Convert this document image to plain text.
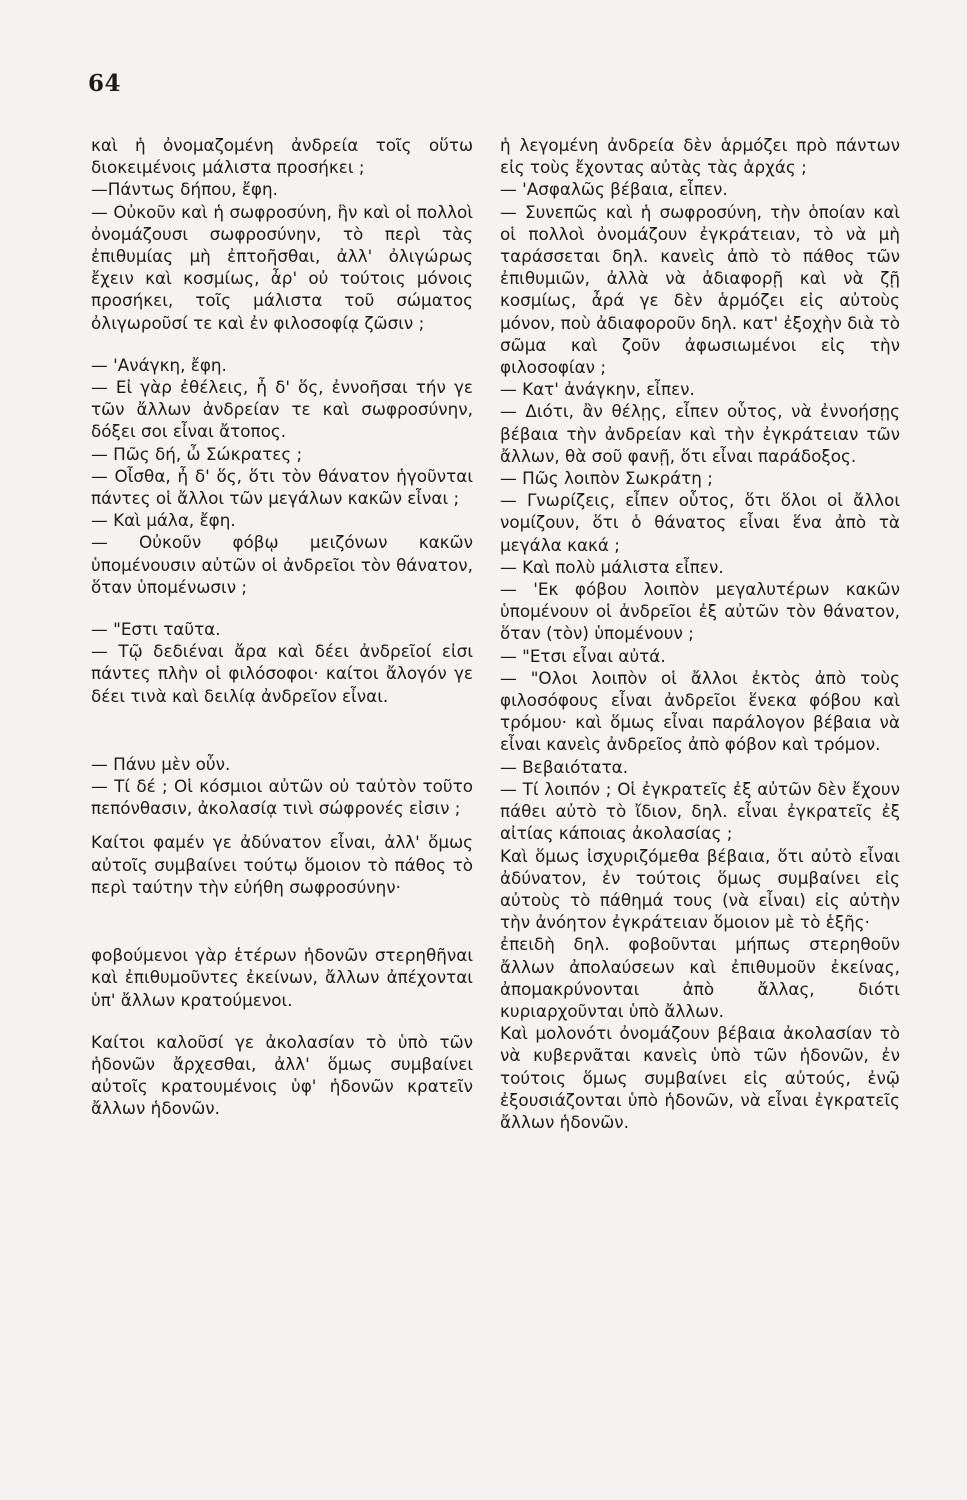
64

καὶ ἡ ὀνομαζομένη ἀνδρεία τοῖς οὕτω διοκειμένοις μάλιστα προσήκει ;

—Πάντως δήπου, ἔφη.

— Οὐκοῦν καὶ ἡ σωφροσύνη, ἣν καὶ οἱ πολλοὶ ὀνομάζουσι σωφροσύνην, τὸ περὶ τὰς ἐπιθυμίας μὴ ἐπτοῆσθαι, ἀλλ' ὀλιγώρως ἔχειν καὶ κοσμίως, ἆρ' οὐ τούτοις μόνοις προσήκει, τοῖς μάλιστα τοῦ σώματος ὀλιγωροῦσί τε καὶ ἐν φιλοσοφίᾳ ζῶσιν ;

— 'Ανάγκη, ἔφη.

— Εἰ γὰρ ἐθέλεις, ἦ δ' ὅς, ἐννοῆσαι τήν γε τῶν ἄλλων ἀνδρείαν τε καὶ σωφροσύνην, δόξει σοι εἶναι ἄτοπος.

— Πῶς δή, ὦ Σώκρατες ;

— Οἶσθα, ἦ δ' ὅς, ὅτι τὸν θάνατον ἡγοῦνται πάντες οἱ ἄλλοι τῶν μεγάλων κακῶν εἶναι ;

— Καὶ μάλα, ἔφη.

— Οὐκοῦν φόβῳ μειζόνων κακῶν ὑπομένουσιν αὐτῶν οἱ ἀνδρεῖοι τὸν θάνατον, ὅταν ὑπομένωσιν ;

— "Εστι ταῦτα.

— Τῷ δεδιέναι ἄρα καὶ δέει ἀνδρεῖοί εἰσι πάντες πλὴν οἱ φιλόσοφοι· καίτοι ἄλογόν γε δέει τινὰ καὶ δειλίᾳ ἀνδρεῖον εἶναι.

— Πάνυ μὲν οὖν.

— Τί δέ ; Οἱ κόσμιοι αὐτῶν οὐ ταὐτὸν τοῦτο πεπόνθασιν, ἀκολασίᾳ τινὶ σώφρονές εἰσιν ;

Καίτοι φαμέν γε ἀδύνατον εἶναι, ἀλλ' ὅμως αὐτοῖς συμβαίνει τούτῳ ὅμοιον τὸ πάθος τὸ περὶ ταύτην τὴν εὐήθη σωφροσύνην·

φοβούμενοι γὰρ ἑτέρων ἡδονῶν στερηθῆναι καὶ ἐπιθυμοῦντες ἐκείνων, ἄλλων ἀπέχονται ὑπ' ἄλλων κρατούμενοι.

Καίτοι καλοῦσί γε ἀκολασίαν τὸ ὑπὸ τῶν ἡδονῶν ἄρχεσθαι, ἀλλ' ὅμως συμβαίνει αὐτοῖς κρατουμένοις ὑφ' ἡδονῶν κρατεῖν ἄλλων ἡδονῶν.

ἡ λεγομένη ἀνδρεία δὲν ἁρμόζει πρὸ πάντων εἰς τοὺς ἔχοντας αὐτὰς τὰς ἀρχάς ;

— 'Ασφαλῶς βέβαια, εἶπεν.

— Συνεπῶς καὶ ἡ σωφροσύνη, τὴν ὁποίαν καὶ οἱ πολλοὶ ὀνομάζουν ἐγκράτειαν, τὸ νὰ μὴ ταράσσεται δηλ. κανεὶς ἀπὸ τὸ πάθος τῶν ἐπιθυμιῶν, ἀλλὰ νὰ ἀδιαφορῇ καὶ νὰ ζῇ κοσμίως, ἆρά γε δὲν ἁρμόζει εἰς αὐτοὺς μόνον, ποὺ ἀδιαφοροῦν δηλ. κατ' ἐξοχὴν διὰ τὸ σῶμα καὶ ζοῦν ἀφωσιωμένοι εἰς τὴν φιλοσοφίαν ;

— Κατ' ἀνάγκην, εἶπεν.

— Διότι, ἂν θέλῃς, εἶπεν οὗτος, νὰ ἐννοήσῃς βέβαια τὴν ἀνδρείαν καὶ τὴν ἐγκράτειαν τῶν ἄλλων, θὰ σοῦ φανῇ, ὅτι εἶναι παράδοξος.

— Πῶς λοιπὸν Σωκράτη ;

— Γνωρίζεις, εἶπεν οὗτος, ὅτι ὅλοι οἱ ἄλλοι νομίζουν, ὅτι ὁ θάνατος εἶναι ἕνα ἀπὸ τὰ μεγάλα κακά ;

— Καὶ πολὺ μάλιστα εἶπεν.

— 'Εκ φόβου λοιπὸν μεγαλυτέρων κακῶν ὑπομένουν οἱ ἀνδρεῖοι ἐξ αὐτῶν τὸν θάνατον, ὅταν (τὸν) ὑπομένουν ;

— "Ετσι εἶναι αὐτά.

— "Ολοι λοιπὸν οἱ ἄλλοι ἐκτὸς ἀπὸ τοὺς φιλοσόφους εἶναι ἀνδρεῖοι ἕνεκα φόβου καὶ τρόμου· καὶ ὅμως εἶναι παράλογον βέβαια νὰ εἶναι κανεὶς ἀνδρεῖος ἀπὸ φόβον καὶ τρόμον.

— Βεβαιότατα.

— Τί λοιπόν ; Οἱ ἐγκρατεῖς ἐξ αὐτῶν δὲν ἔχουν πάθει αὐτὸ τὸ ἴδιον, δηλ. εἶναι ἐγκρατεῖς ἐξ αἰτίας κάποιας ἀκολασίας ;

Καὶ ὅμως ἰσχυριζόμεθα βέβαια, ὅτι αὐτὸ εἶναι ἀδύνατον, ἐν τούτοις ὅμως συμβαίνει εἰς αὐτοὺς τὸ πάθημά τους (νὰ εἶναι) εἰς αὐτὴν τὴν ἀνόητον ἐγκράτειαν ὅμοιον μὲ τὸ ἑξῆς·

ἐπειδὴ δηλ. φοβοῦνται μήπως στερηθοῦν ἄλλων ἀπολαύσεων καὶ ἐπιθυμοῦν ἐκείνας, ἀπομακρύνονται ἀπὸ ἄλλας, διότι κυριαρχοῦνται ὑπὸ ἄλλων.

Καὶ μολονότι ὀνομάζουν βέβαια ἀκολασίαν τὸ νὰ κυβερνᾶται κανεὶς ὑπὸ τῶν ἡδονῶν, ἐν τούτοις ὅμως συμβαίνει εἰς αὐτούς, ἐνῷ ἐξουσιάζονται ὑπὸ ἡδονῶν, νὰ εἶναι ἐγκρατεῖς ἄλλων ἡδονῶν.
